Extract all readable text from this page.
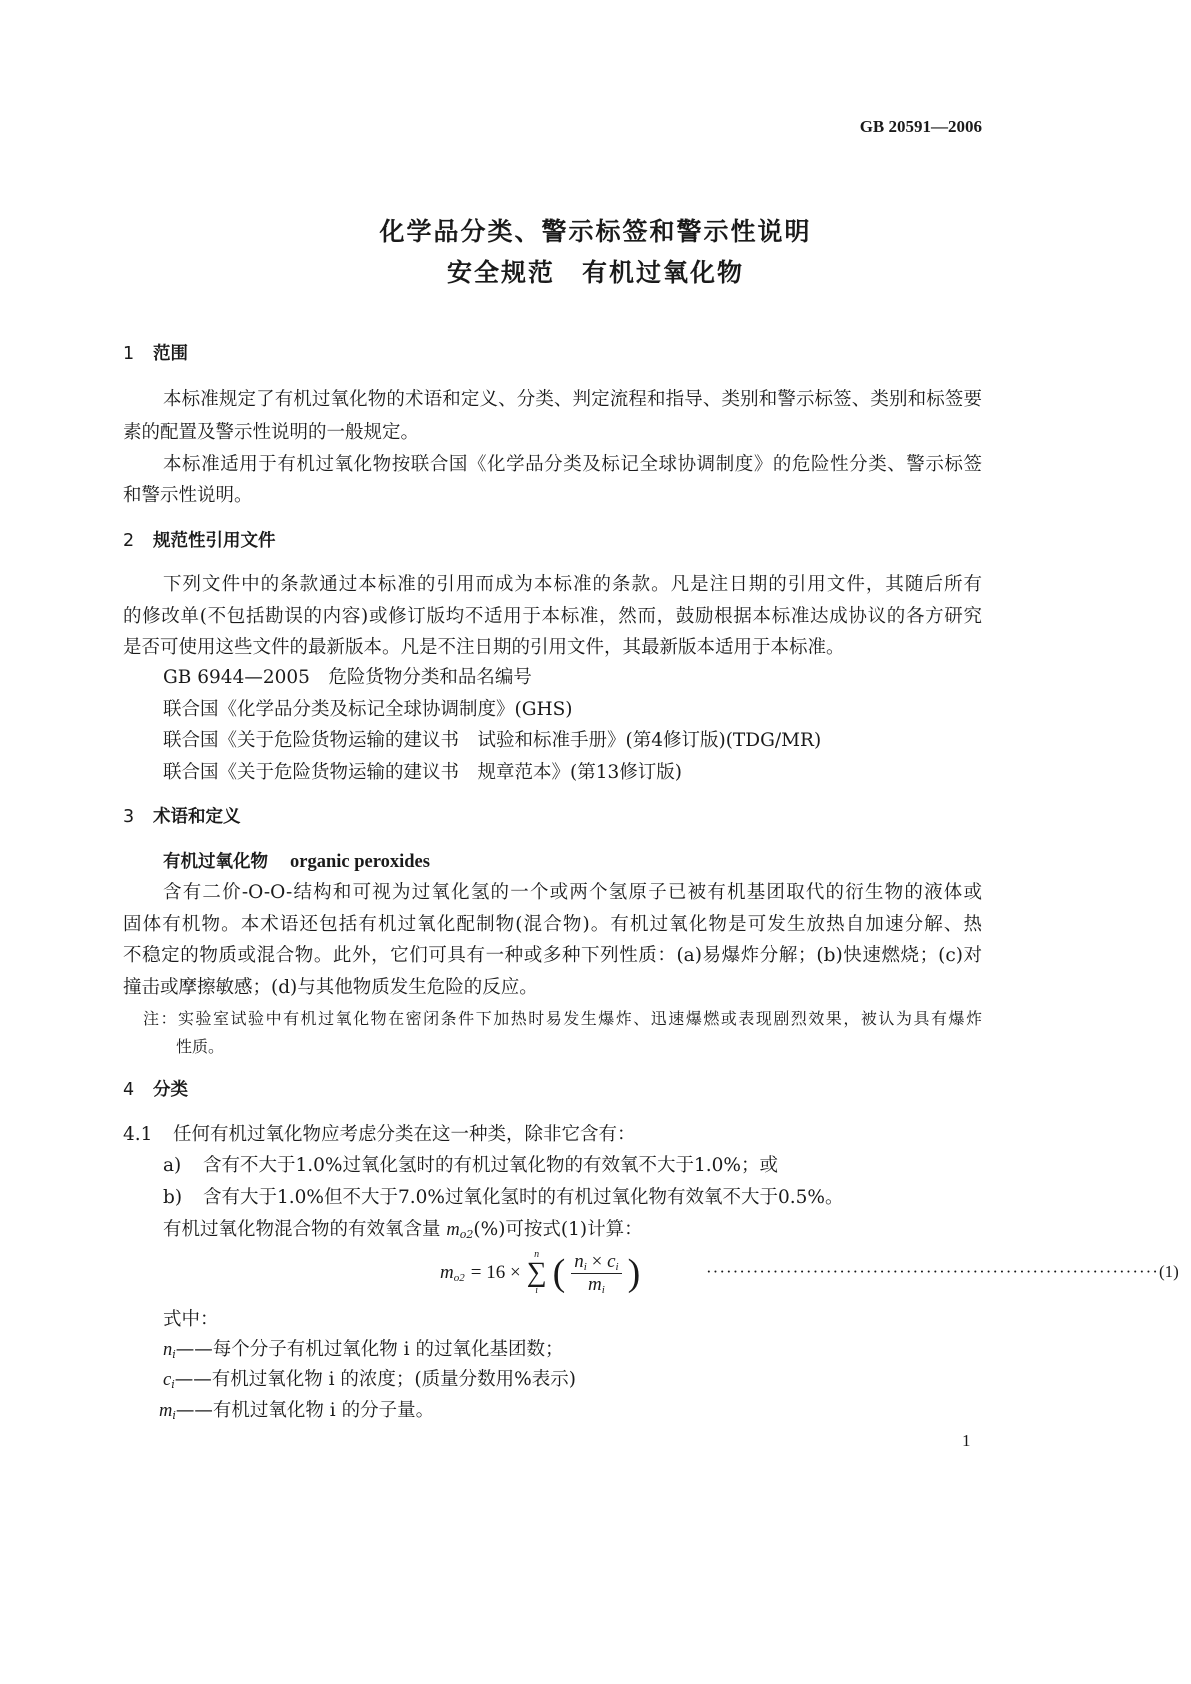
GB 20591—2006
化学品分类、警示标签和警示性说明
安全规范　有机过氧化物
1 范围
本标准规定了有机过氧化物的术语和定义、分类、判定流程和指导、类别和警示标签、类别和标签要
素的配置及警示性说明的一般规定。
本标准适用于有机过氧化物按联合国《化学品分类及标记全球协调制度》的危险性分类、警示标签
和警示性说明。
2 规范性引用文件
下列文件中的条款通过本标准的引用而成为本标准的条款。凡是注日期的引用文件，其随后所有
的修改单(不包括勘误的内容)或修订版均不适用于本标准，然而，鼓励根据本标准达成协议的各方研究
是否可使用这些文件的最新版本。凡是不注日期的引用文件，其最新版本适用于本标准。
GB 6944—2005　危险货物分类和品名编号
联合国《化学品分类及标记全球协调制度》(GHS)
联合国《关于危险货物运输的建议书　试验和标准手册》(第4修订版)(TDG/MR)
联合国《关于危险货物运输的建议书　规章范本》(第13修订版)
3 术语和定义
有机过氧化物 organic peroxides
含有二价-O-O-结构和可视为过氧化氢的一个或两个氢原子已被有机基团取代的衍生物的液体或
固体有机物。本术语还包括有机过氧化配制物(混合物)。有机过氧化物是可发生放热自加速分解、热
不稳定的物质或混合物。此外，它们可具有一种或多种下列性质：(a)易爆炸分解；(b)快速燃烧；(c)对
撞击或摩擦敏感；(d)与其他物质发生危险的反应。
注：实验室试验中有机过氧化物在密闭条件下加热时易发生爆炸、迅速爆燃或表现剧烈效果，被认为具有爆炸
性质。
4 分类
4.1 任何有机过氧化物应考虑分类在这一种类，除非它含有：
a) 含有不大于1.0%过氧化氢时的有机过氧化物的有效氧不大于1.0%；或
b) 含有大于1.0%但不大于7.0%过氧化氢时的有机过氧化物有效氧不大于0.5%。
有机过氧化物混合物的有效氧含量 $m_{o2}(\%)$可按式(1)计算：
$m_{o2} = 16$ ×
n
∑
i ( $\frac{n_i \times c_i}{m_i}$ )	···································································· (1)
式中：
$n_i——$每个分子有机过氧化物 i 的过氧化基团数；
$c_i——$有机过氧化物 i 的浓度；(质量分数用%表示)
$m_i——$有机过氧化物 i 的分子量。
1
